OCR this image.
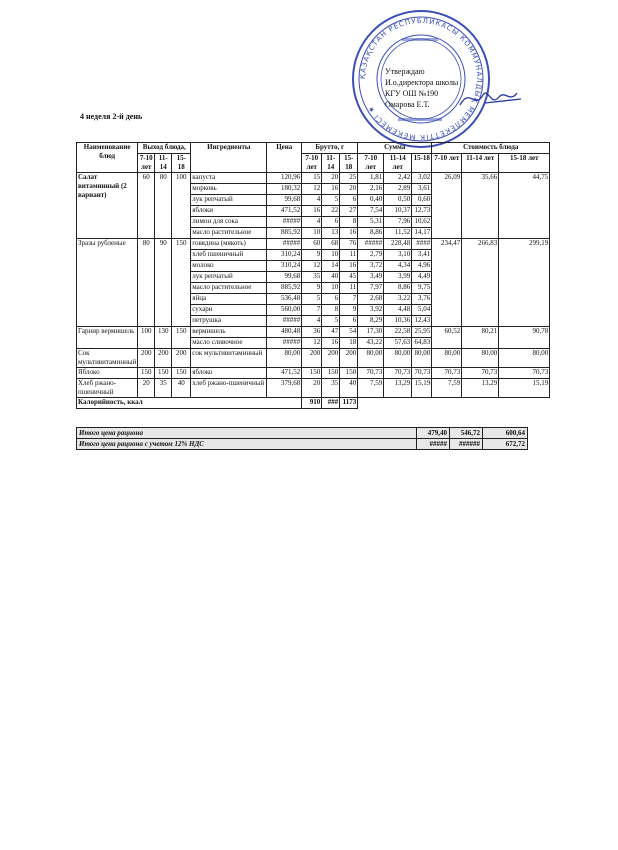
ҚАЗАҚСТАН РЕСПУБЛИКАСЫ КОММУНАЛДЫҚ МЕМЛЕКЕТТІК МЕКЕМЕСІ ★
Утверждаю
И.о.директора школы
КГУ ОШ №190
Омарова Е.Т.
4 неделя 2-й день
Наименование блюд	Выход блюда,			Ингредиенты	Цена	Брутто, г			Сумма			Стоимость блюда		
	7-10 лет	11-14	15-18			7-10 лет	11-14	15-18	7-10 лет	11-14 лет	15-18	7-10 лет	11-14 лет	15-18 лет
Салат витаминный (2 вариант)	60	80	100	капуста	120,96	15	20	25	1,81	2,42	3,02	26,09	35,66	44,75
				морковь	180,32	12	16	20	2,16	2,89	3,61			
				лук репчатый	99,68	4	5	6	0,40	0,50	0,60			
				яблоки	471,52	16	22	27	7,54	10,37	12,73			
				лимон для сока	#####	4	6	8	5,31	7,96	10,62			
				масло растительное	885,92	10	13	16	8,86	11,52	14,17			
Зразы рубленые	80	90	150	говядина (мякоть)	#####	60	68	76	#####	228,48	####	234,47	266,83	299,19
				хлеб пшеничный	310,24	9	10	11	2,79	3,10	3,41			
				молоко	310,24	12	14	16	3,72	4,34	4,96			
				лук репчатый	99,68	35	40	45	3,49	3,99	4,49			
				масло растительное	885,92	9	10	11	7,97	8,86	9,75			
				яйца	536,48	5	6	7	2,68	3,22	3,76			
				сухари	560,00	7	8	9	3,92	4,48	5,04			
				петрушка	#####	4	5	6	8,29	10,36	12,43			
Гарнир вермишель	100	130	150	вермишель	480,48	36	47	54	17,30	22,58	25,95	60,52	80,21	90,78
				масло сливочное	#####	12	16	18	43,22	57,63	64,83			
Сок мультивитаминный	200	200	200	сок мультивитаминный	80,00	200	200	200	80,00	80,00	80,00	80,00	80,00	80,00
Яблоко	150	150	150	яблоко	471,52	150	150	150	70,73	70,73	70,73	70,73	70,73	70,73
Хлеб ржано-пшеничный	20	35	40	хлеб ржано-пшеничный	379,68	20	35	40	7,59	13,29	15,19	7,59	13,29	15,19
Калорийность, ккал						910	###	1173						
Итого цена рациона	479,40	546,72	600,64
Итого цена рациона с учетом 12% НДС	#####	######	672,72
